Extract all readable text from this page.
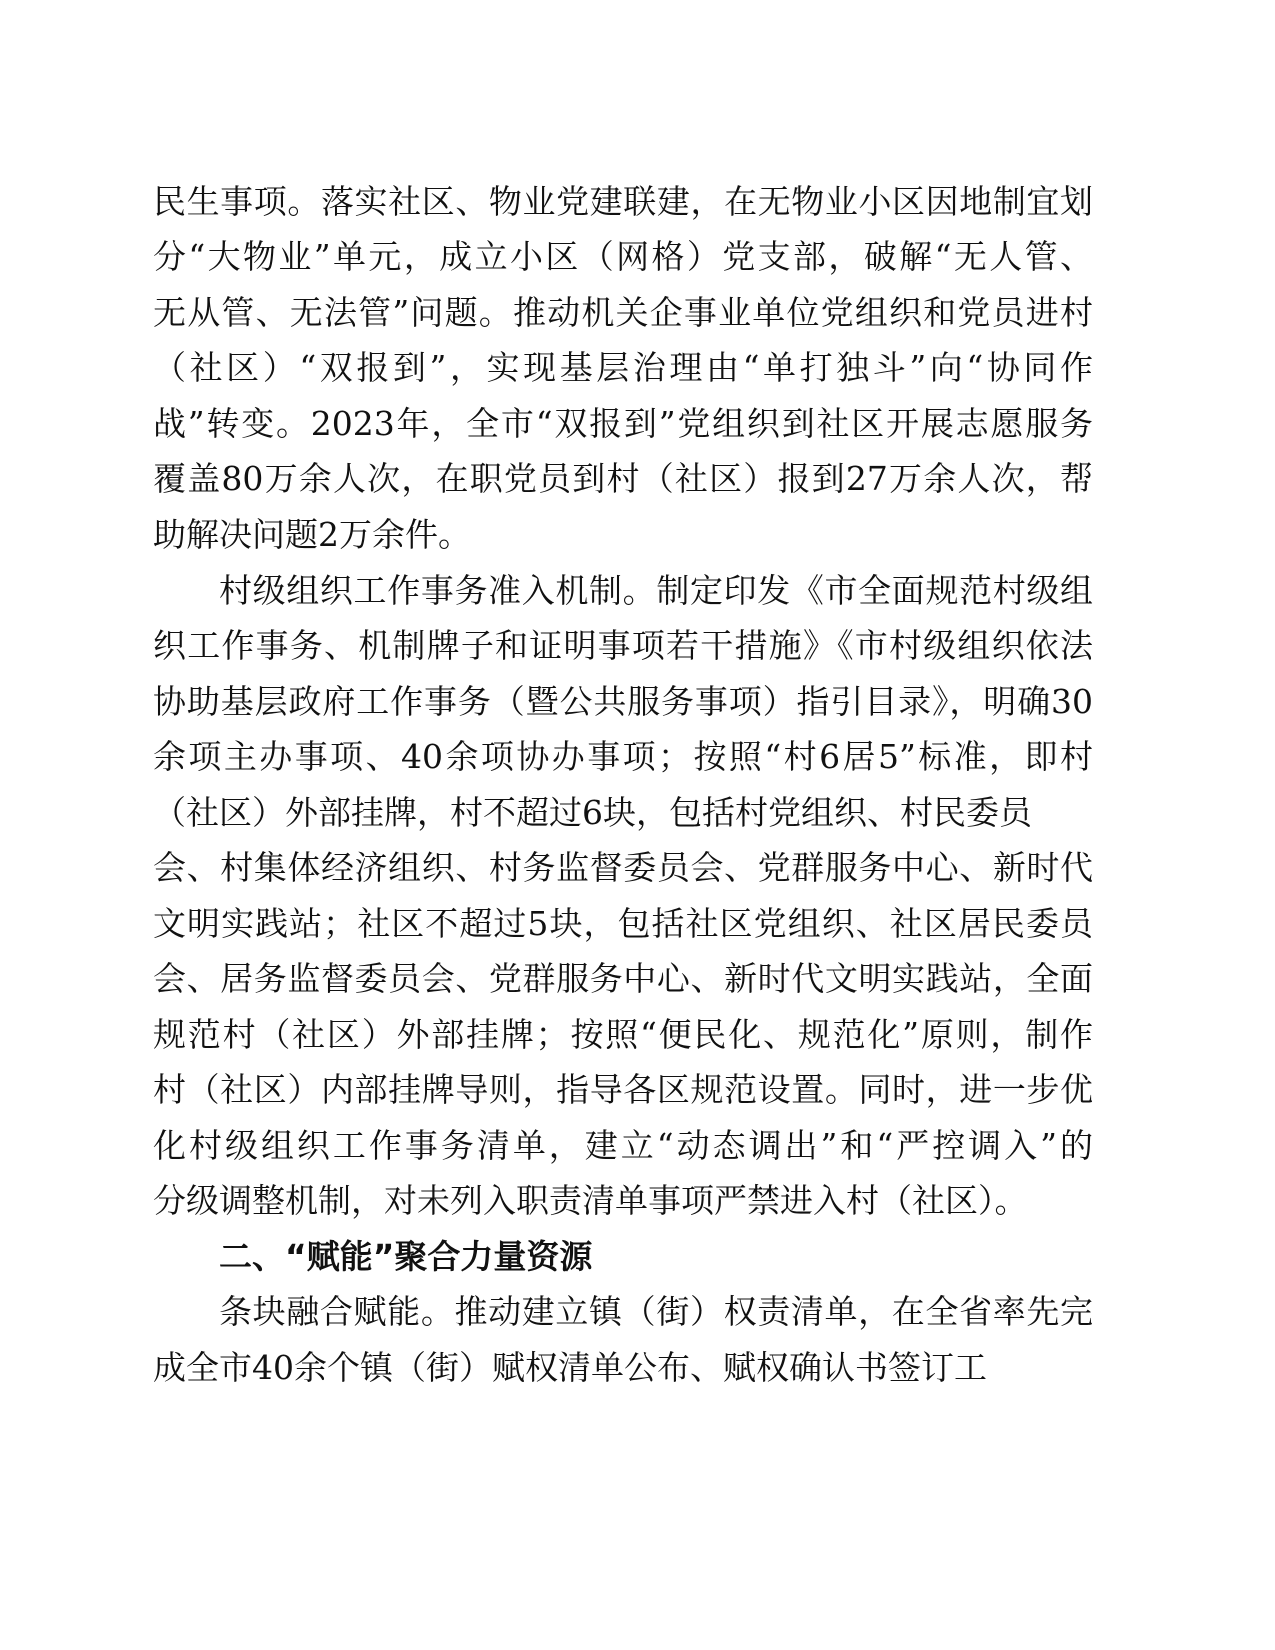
民生事项。落实社区、物业党建联建，在无物业小区因地制宜划
分“大物业”单元，成立小区（网格）党支部，破解“无人管、
无从管、无法管”问题。推动机关企事业单位党组织和党员进村
（社区）“双报到”，实现基层治理由“单打独斗”向“协同作
战”转变。2023年，全市“双报到”党组织到社区开展志愿服务
覆盖80万余人次，在职党员到村（社区）报到27万余人次，帮
助解决问题2万余件。
村级组织工作事务准入机制。制定印发《市全面规范村级组
织工作事务、机制牌子和证明事项若干措施》《市村级组织依法
协助基层政府工作事务（暨公共服务事项）指引目录》，明确30
余项主办事项、40余项协办事项；按照“村6居5”标准，即村
（社区）外部挂牌，村不超过6块，包括村党组织、村民委员
会、村集体经济组织、村务监督委员会、党群服务中心、新时代
文明实践站；社区不超过5块，包括社区党组织、社区居民委员
会、居务监督委员会、党群服务中心、新时代文明实践站，全面
规范村（社区）外部挂牌；按照“便民化、规范化”原则，制作
村（社区）内部挂牌导则，指导各区规范设置。同时，进一步优
化村级组织工作事务清单，建立“动态调出”和“严控调入”的
分级调整机制，对未列入职责清单事项严禁进入村（社区）。
二、“赋能”聚合力量资源
条块融合赋能。推动建立镇（街）权责清单，在全省率先完
成全市40余个镇（街）赋权清单公布、赋权确认书签订工
